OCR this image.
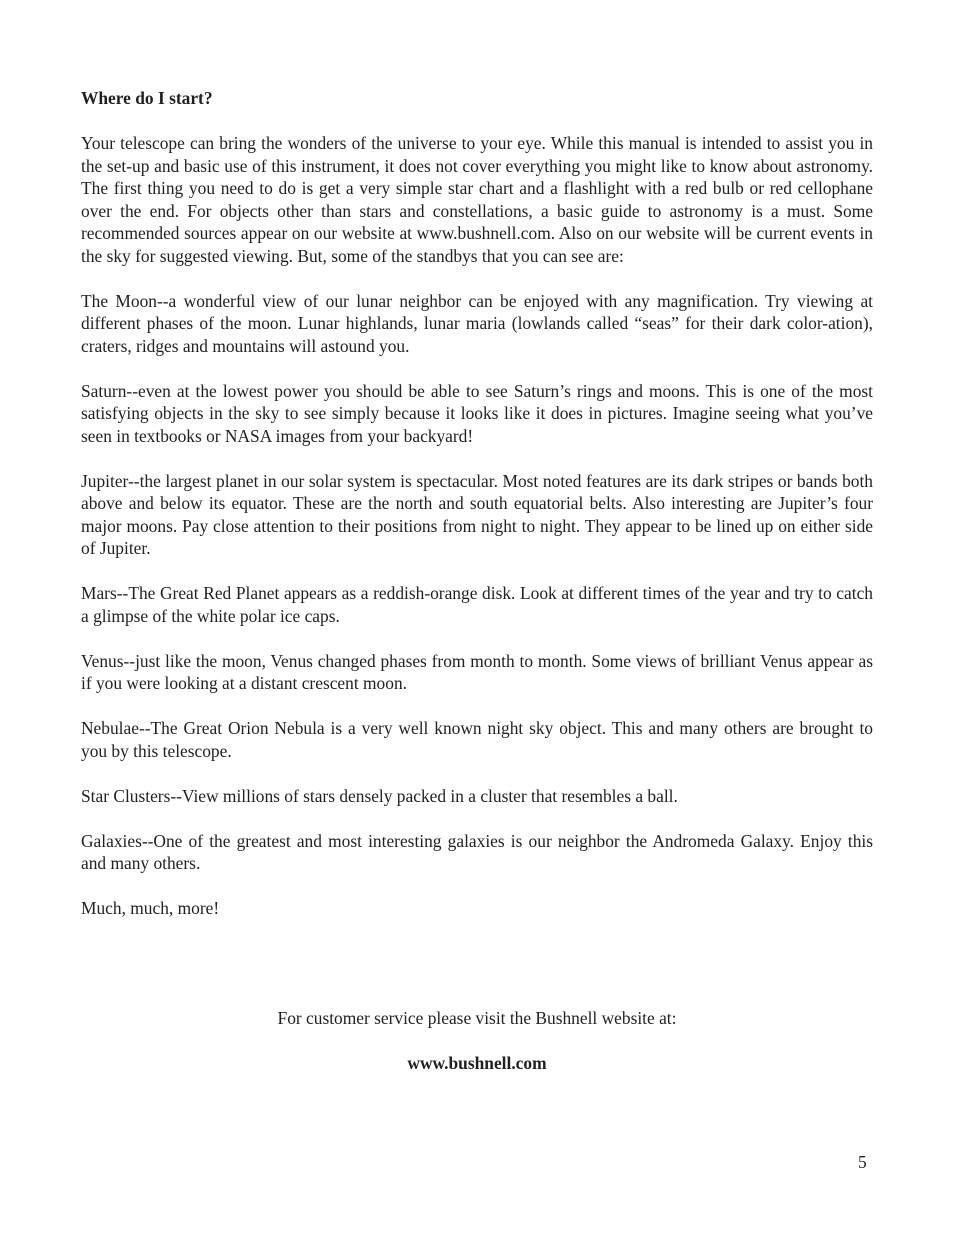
Where do I start?

Your telescope can bring the wonders of the universe to your eye. While this manual is intended to assist you in the set-up and basic use of this instrument, it does not cover everything you might like to know about astronomy. The first thing you need to do is get a very simple star chart and a flashlight with a red bulb or red cellophane over the end. For objects other than stars and constellations, a basic guide to astronomy is a must. Some recommended sources appear on our website at www.bushnell.com. Also on our website will be current events in the sky for suggested viewing. But, some of the standbys that you can see are:

The Moon--a wonderful view of our lunar neighbor can be enjoyed with any magnification. Try viewing at different phases of the moon. Lunar highlands, lunar maria (lowlands called “seas” for their dark color-ation), craters, ridges and mountains will astound you.

Saturn--even at the lowest power you should be able to see Saturn’s rings and moons. This is one of the most satisfying objects in the sky to see simply because it looks like it does in pictures. Imagine seeing what you’ve seen in textbooks or NASA images from your backyard!

Jupiter--the largest planet in our solar system is spectacular. Most noted features are its dark stripes or bands both above and below its equator. These are the north and south equatorial belts. Also interesting are Jupiter’s four major moons. Pay close attention to their positions from night to night. They appear to be lined up on either side of Jupiter.

Mars--The Great Red Planet appears as a reddish-orange disk. Look at different times of the year and try to catch a glimpse of the white polar ice caps.

Venus--just like the moon, Venus changed phases from month to month. Some views of brilliant Venus appear as if you were looking at a distant crescent moon.

Nebulae--The Great Orion Nebula is a very well known night sky object. This and many others are brought to you by this telescope.

Star Clusters--View millions of stars densely packed in a cluster that resembles a ball.

Galaxies--One of the greatest and most interesting galaxies is our neighbor the Andromeda Galaxy. Enjoy this and many others.

Much, much, more!

For customer service please visit the Bushnell website at:
www.bushnell.com
5
